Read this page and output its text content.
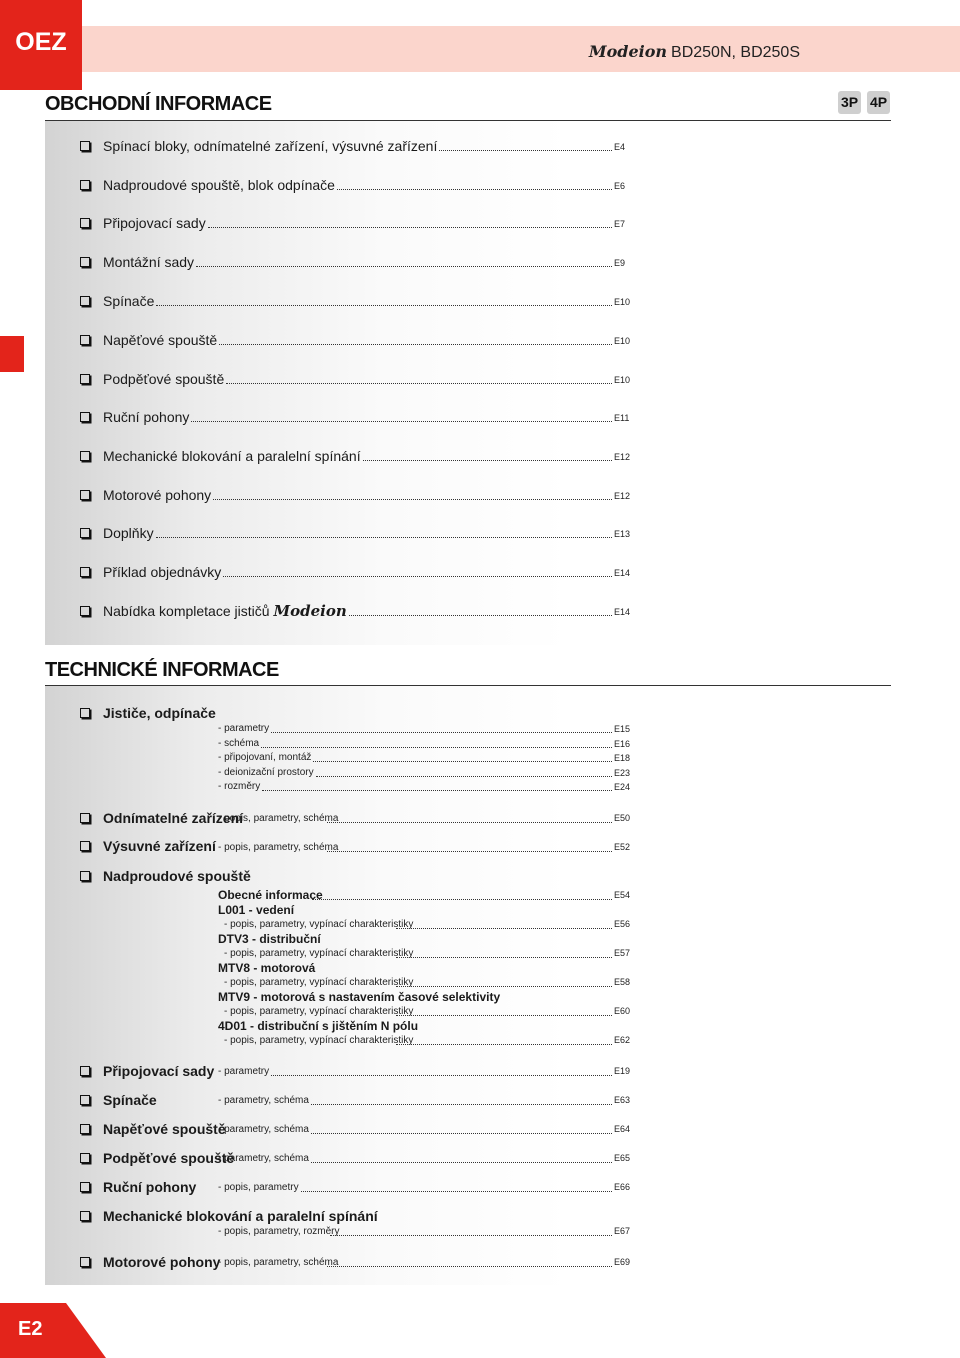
OEZ	Modeion BD250N, BD250S
OBCHODNÍ INFORMACE	3P 4P
Spínací bloky, odnímatelné zařízení, výsuvné zařízení	E4
Nadproudové spouště, blok odpínače	E6
Připojovací sady	E7
Montážní sady	E9
Spínače	E10
Napěťové spouště	E10
Podpěťové spouště	E10
Ruční pohony	E11
Mechanické blokování a paralelní spínání	E12
Motorové pohony	E12
Doplňky	E13
Příklad objednávky	E14
Nabídka kompletace jističů Modeion	E14
TECHNICKÉ INFORMACE
Jističe, odpínače
- parametry	E15
- schéma	E16
- připojovaní, montáž	E18
- deionizační prostory	E23
- rozměry	E24
Odnímatelné zařízení
- popis, parametry, schéma	E50
Výsuvné zařízení - popis, parametry, schéma	E52
Nadproudové spouště
Obecné informace	E54
L001 - vedení
- popis, parametry, vypínací charakteristiky	E56
DTV3 - distribuční
- popis, parametry, vypínací charakteristiky	E57
MTV8 - motorová
- popis, parametry, vypínací charakteristiky	E58
MTV9 - motorová s nastavením časové selektivity
- popis, parametry, vypínací charakteristiky	E60
4D01 - distribuční s jištěním N pólu
- popis, parametry, vypínací charakteristiky	E62
Připojovací sady - parametry	E19
Spínače	- parametry, schéma	E63
Napěťové spouště
- parametry, schéma	E64
Podpěťové spouště
- parametry, schéma	E65
Ruční pohony - popis, parametry	E66
Mechanické blokování a paralelní spínání
- popis, parametry, rozměry	E67
Motorové pohony
- popis, parametry, schéma	E69
E2
